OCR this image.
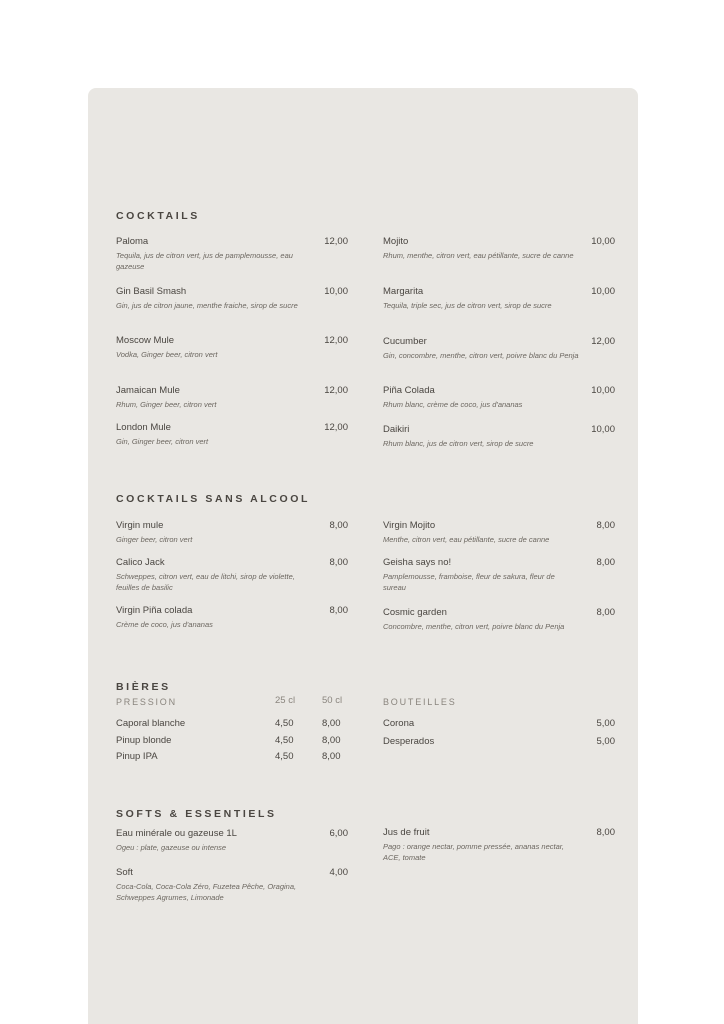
COCKTAILS
Paloma	12,00
Tequila, jus de citron vert, jus de pamplemousse, eau gazeuse
Gin Basil Smash	10,00
Gin, jus de citron jaune, menthe fraiche, sirop de sucre
Moscow Mule	12,00
Vodka, Ginger beer, citron vert
Jamaican Mule	12,00
Rhum, Ginger beer, citron vert
London Mule	12,00
Gin, Ginger beer, citron vert
Mojito	10,00
Rhum, menthe, citron vert, eau pétillante, sucre de canne
Margarita	10,00
Tequila, triple sec, jus de citron vert, sirop de sucre
Cucumber	12,00
Gin, concombre, menthe, citron vert, poivre blanc du Penja
Piña Colada	10,00
Rhum blanc, crème de coco, jus d'ananas
Daikiri	10,00
Rhum blanc, jus de citron vert, sirop de sucre
COCKTAILS SANS ALCOOL
Virgin mule	8,00
Ginger beer, citron vert
Calico Jack	8,00
Schweppes, citron vert, eau de litchi, sirop de violette, feuilles de basilic
Virgin Piña colada	8,00
Crème de coco, jus d'ananas
Virgin Mojito	8,00
Menthe, citron vert, eau pétillante, sucre de canne
Geisha says no!	8,00
Pamplemousse, framboise, fleur de sakura, fleur de sureau
Cosmic garden	8,00
Concombre, menthe, citron vert, poivre blanc du Penja
BIÈRES
PRESSION	25 cl	50 cl	BOUTEILLES
Caporal blanche	4,50	8,00
Pinup blonde	4,50	8,00
Pinup IPA	4,50	8,00
Corona	5,00
Desperados	5,00
SOFTS & ESSENTIELS
Eau minérale ou gazeuse 1L	6,00
Ogeu : plate, gazeuse ou intense
Soft	4,00
Coca-Cola, Coca-Cola Zéro, Fuzetea Pêche, Oragina, Schweppes Agrumes, Limonade
Jus de fruit	8,00
Pago : orange nectar, pomme pressée, ananas nectar, ACE, tomate
